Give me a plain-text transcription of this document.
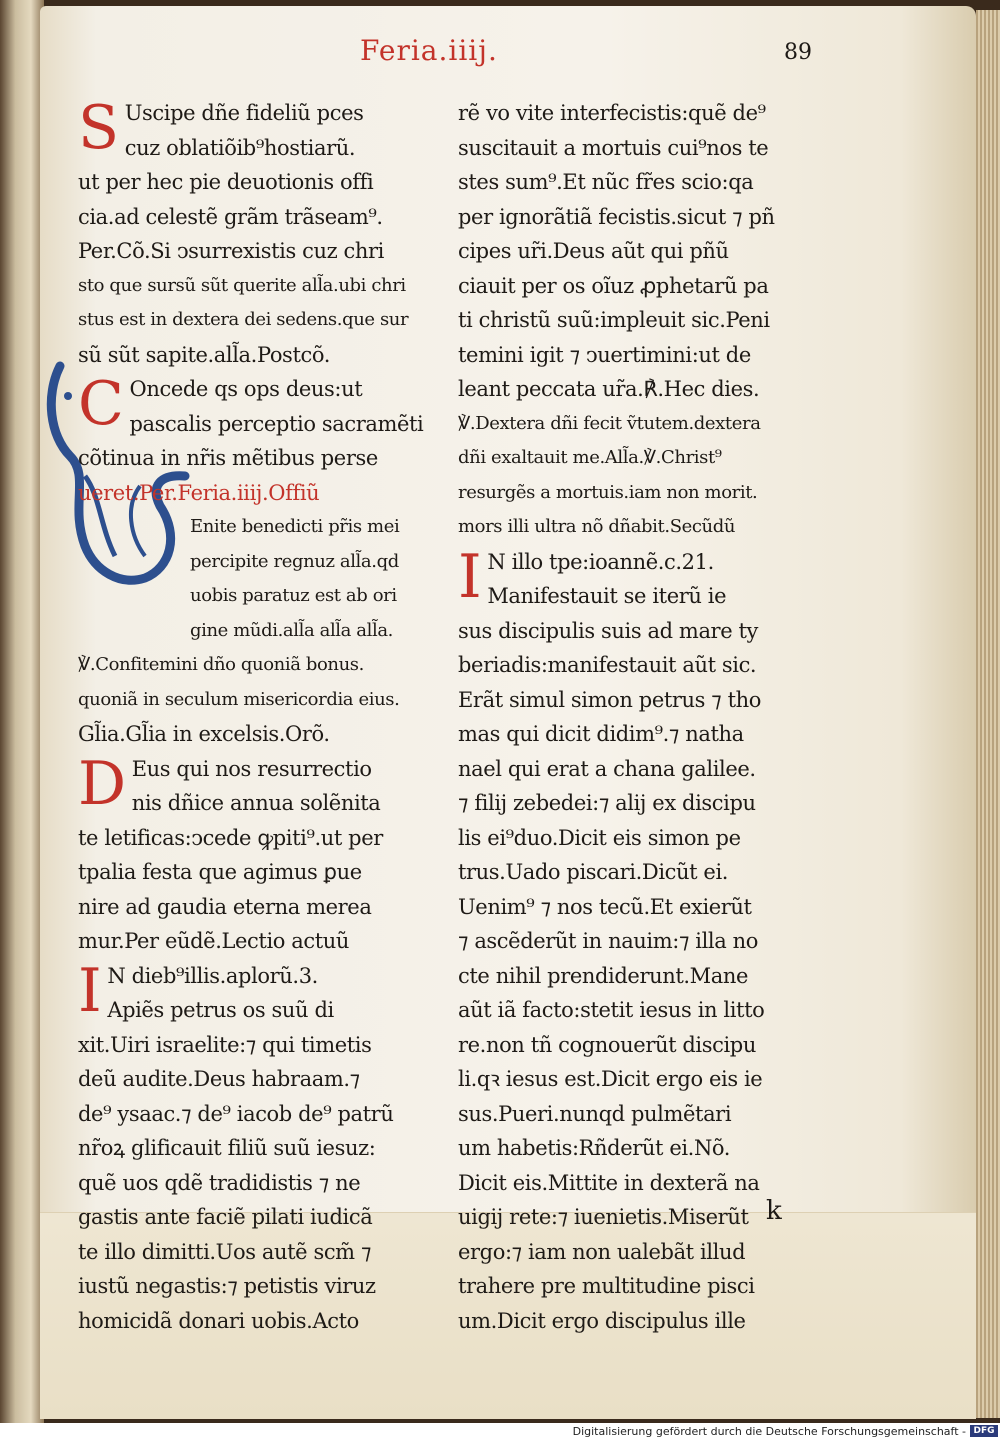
Feria.iiij.	89
S Uscipe dñe fideliũ pces
cuz oblatiõib⁹hostiarũ.
ut per hec pie deuotionis offi
cia.ad celestẽ grãm trãseam⁹.
Per.Cõ.Si ↄsurrexistis cuz chri
sto que sursũ sũt querite all̃a.ubi chri
stus est in dextera dei sedens.que sur
sũ sũt sapite.all̃a.Postcõ.
C Oncede qs ops deus:ut
pascalis perceptio sacramẽti
cõtinua in nr̃is mẽtibus perse
ueret.Per.Feria.iiij.Offiũ
Enite benedicti pr̃is mei
percipite regnuz all̃a.qd
uobis paratuz est ab ori
gine mũdi.all̃a all̃a all̃a.
℣.Confitemini dño quoniã bonus.
quoniã in seculum misericordia eius.
Gl̃ia.Gl̃ia in excelsis.Orõ.
D Eus qui nos resurrectio
nis dñice annua solẽnita
te letificas:ↄcede ꝙpiti⁹.ut per
tpalia festa que agimus ꝑue
nire ad gaudia eterna merea
mur.Per eũdẽ.Lectio actuũ
I N dieb⁹illis.aplorũ.3.
Apiẽs petrus os suũ di
xit.Uiri israelite:⁊ qui timetis
deũ audite.Deus habraam.⁊
de⁹ ysaac.⁊ de⁹ iacob de⁹ patrũ
nr̃oꝝ glificauit filiũ suũ iesuz:
quẽ uos qdẽ tradidistis ⁊ ne
gastis ante faciẽ pilati iudicã
te illo dimitti.Uos autẽ scm̃ ⁊
iustũ negastis:⁊ petistis viruz
homicidã donari uobis.Acto
rẽ vo vite interfecistis:quẽ de⁹
suscitauit a mortuis cui⁹nos te
stes sum⁹.Et nũc fr̃es scio:qa
per ignorãtiã fecistis.sicut ⁊ pñ
cipes ur̃i.Deus aũt qui pñũ
ciauit per os oĩuz ꝓphetarũ pa
ti christũ suũ:impleuit sic.Peni
temini igit ⁊ ↄuertimini:ut de
leant peccata ur̃a.℟.Hec dies.
℣.Dextera dñi fecit ṽtutem.dextera
dñi exaltauit me.All̃a.℣.Christ⁹
resurgẽs a mortuis.iam non morit.
mors illi ultra nõ dñabit.Secũdũ
I N illo tpe:ioannẽ.c.21.
Manifestauit se iterũ ie
sus discipulis suis ad mare ty
beriadis:manifestauit aũt sic.
Erãt simul simon petrus ⁊ tho
mas qui dicit didim⁹.⁊ natha
nael qui erat a chana galilee.
⁊ filij zebedei:⁊ alij ex discipu
lis ei⁹duo.Dicit eis simon pe
trus.Uado piscari.Dicũt ei.
Uenim⁹ ⁊ nos tecũ.Et exierũt
⁊ ascẽderũt in nauim:⁊ illa no
cte nihil prendiderunt.Mane
aũt iã facto:stetit iesus in litto
re.non tñ cognouerũt discipu
li.qꝛ iesus est.Dicit ergo eis ie
sus.Pueri.nunqd pulmẽtari
um habetis:Rñderũt ei.Nõ.
Dicit eis.Mittite in dexterã na
uigij rete:⁊ iuenietis.Miserũt
ergo:⁊ iam non ualebãt illud
trahere pre multitudine pisci
um.Dicit ergo discipulus ille
k
Digitalisierung gefördert durch die Deutsche Forschungsgemeinschaft - DFG
